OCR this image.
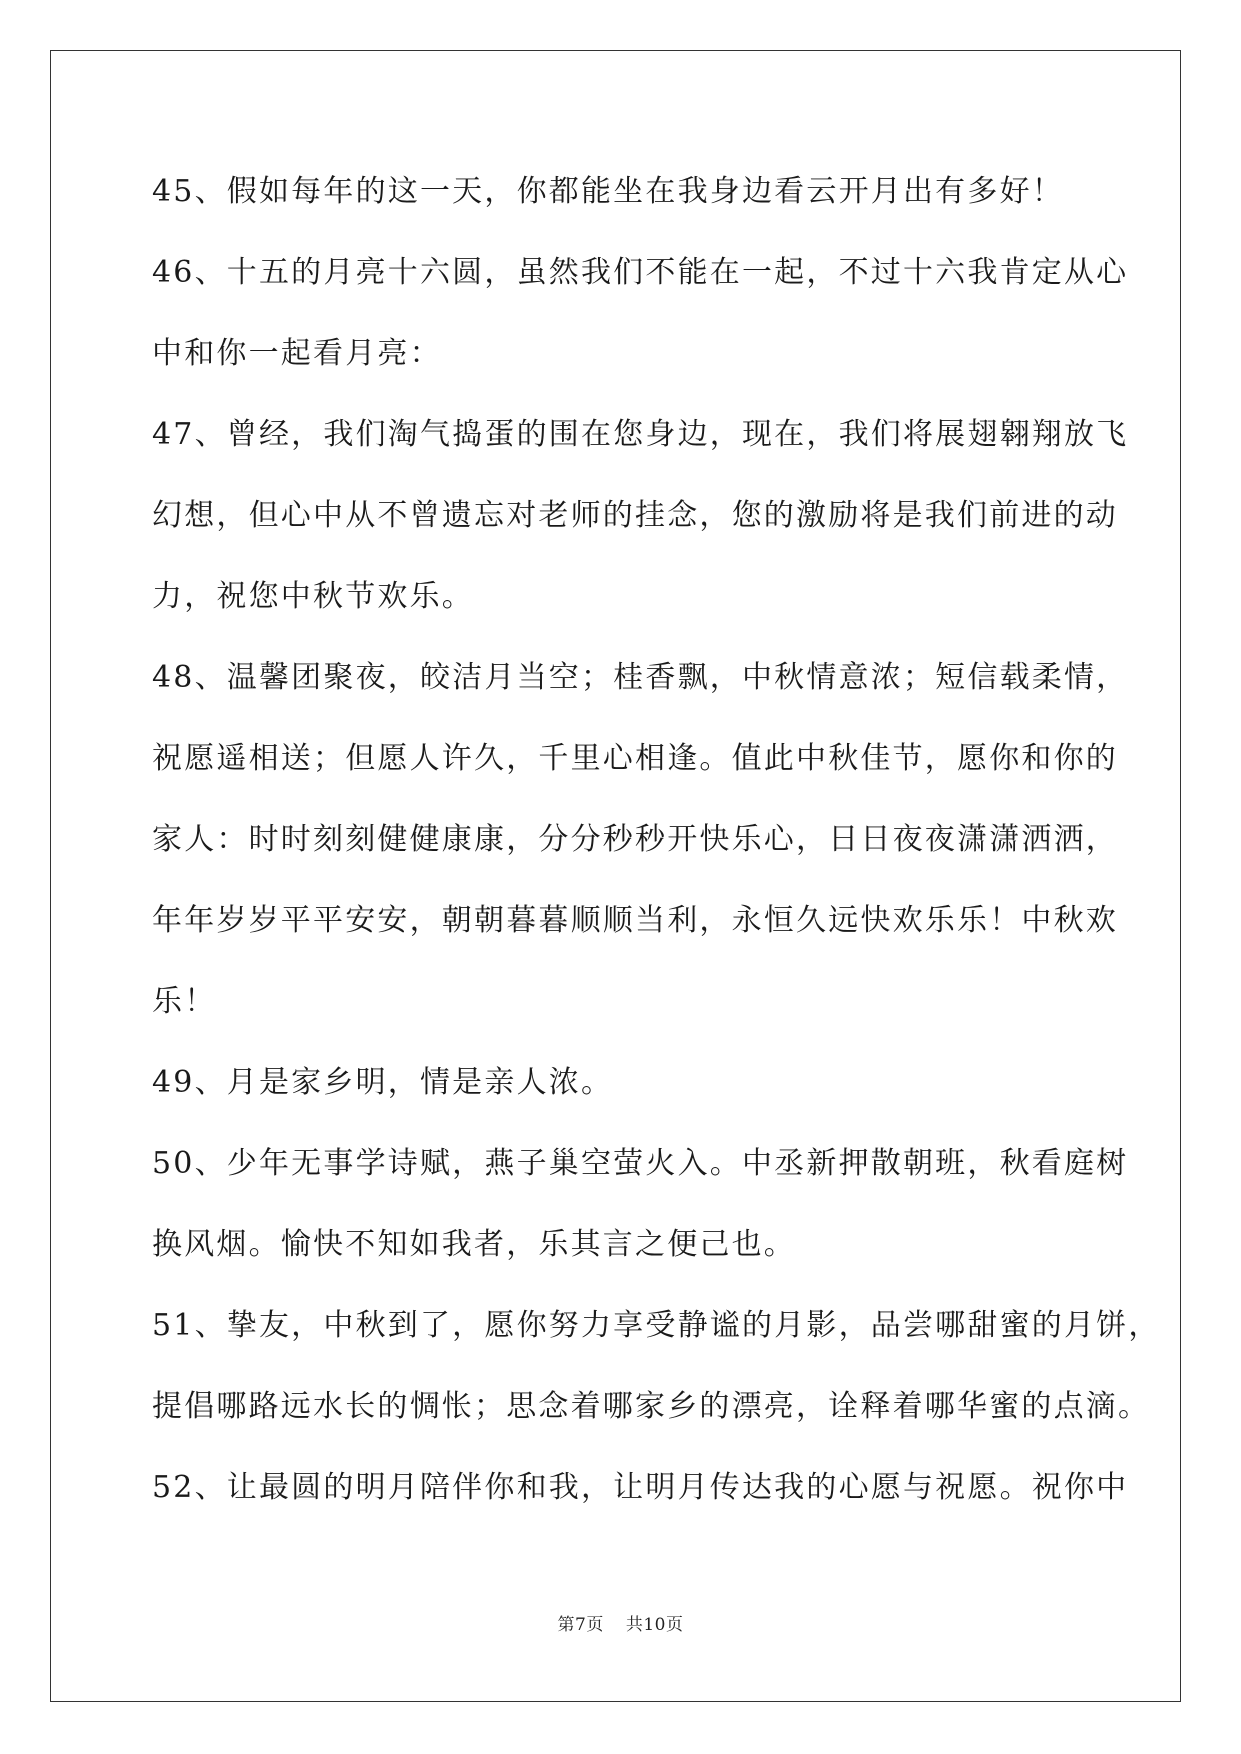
45、假如每年的这一天，你都能坐在我身边看云开月出有多好！
46、十五的月亮十六圆，虽然我们不能在一起，不过十六我肯定从心
中和你一起看月亮：
47、曾经，我们淘气捣蛋的围在您身边，现在，我们将展翅翱翔放飞
幻想，但心中从不曾遗忘对老师的挂念，您的激励将是我们前进的动
力，祝您中秋节欢乐。
48、温馨团聚夜，皎洁月当空；桂香飘，中秋情意浓；短信载柔情，
祝愿遥相送；但愿人许久，千里心相逢。值此中秋佳节，愿你和你的
家人：时时刻刻健健康康，分分秒秒开快乐心，日日夜夜潇潇洒洒，
年年岁岁平平安安，朝朝暮暮顺顺当利，永恒久远快欢乐乐！中秋欢
乐！
49、月是家乡明，情是亲人浓。
50、少年无事学诗赋，燕子巢空萤火入。中丞新押散朝班，秋看庭树
换风烟。愉快不知如我者，乐其言之便己也。
51、挚友，中秋到了，愿你努力享受静谧的月影，品尝哪甜蜜的月饼，
提倡哪路远水长的惆怅；思念着哪家乡的漂亮，诠释着哪华蜜的点滴。
52、让最圆的明月陪伴你和我，让明月传达我的心愿与祝愿。祝你中
第7页 共10页
